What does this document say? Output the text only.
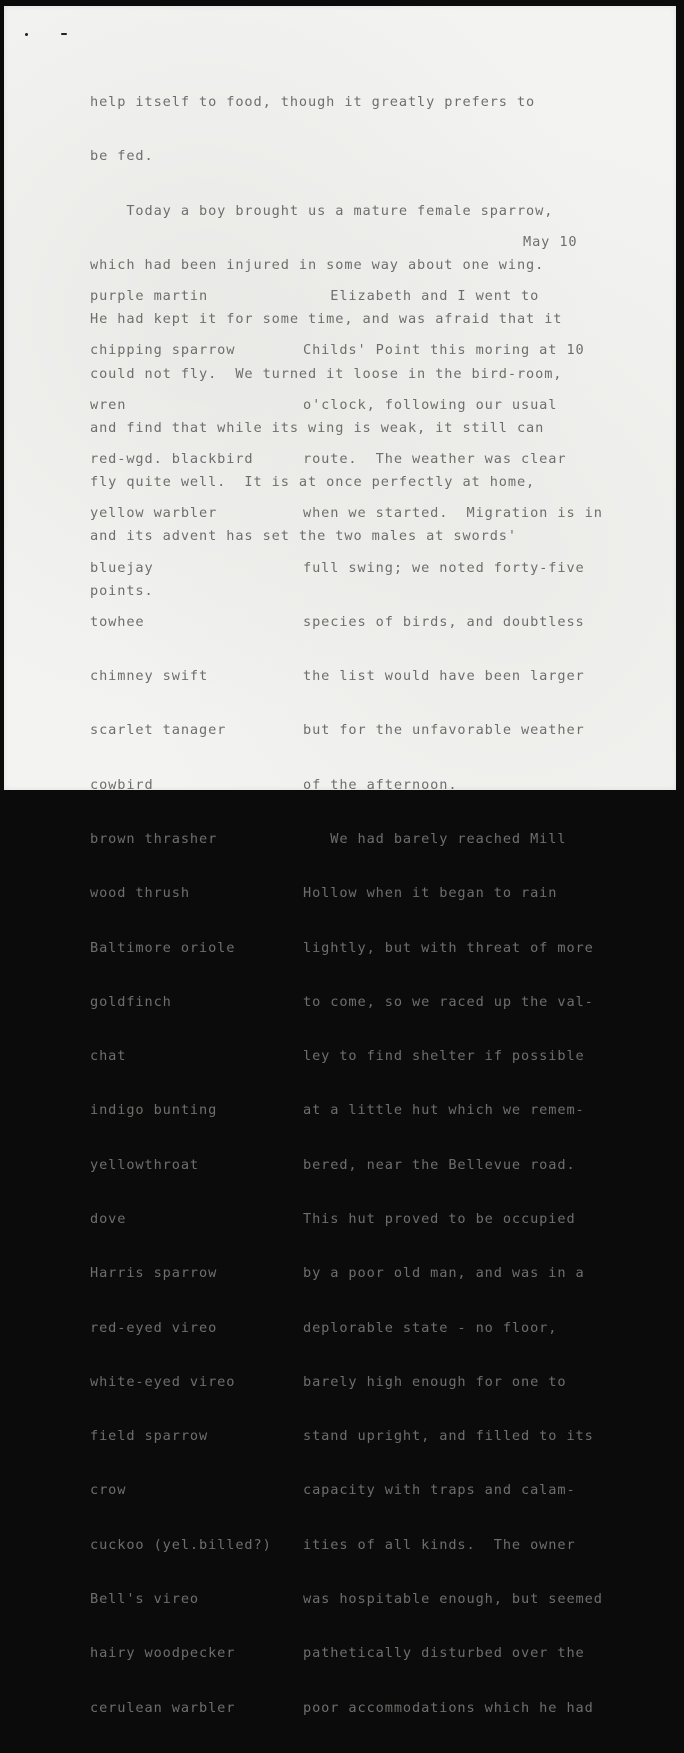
help itself to food, though it greatly prefers to

be fed.

Today a boy brought us a mature female sparrow,

which had been injured in some way about one wing.

He had kept it for some time, and was afraid that it

could not fly.  We turned it loose in the bird-room,

and find that while its wing is weak, it still can

fly quite well.  It is at once perfectly at home,

and its advent has set the two males at swords'

points.

May 10

purple martin

chipping sparrow

wren

red-wgd. blackbird

yellow warbler

bluejay

towhee

chimney swift

scarlet tanager

cowbird

brown thrasher

wood thrush

Baltimore oriole

goldfinch

chat

indigo bunting

yellowthroat

dove

Harris sparrow

red-eyed vireo

white-eyed vireo

field sparrow

crow

cuckoo (yel.billed?)

Bell's vireo

hairy woodpecker

cerulean warbler

Elizabeth and I went to

Childs' Point this moring at 10

o'clock, following our usual

route.  The weather was clear

when we started.  Migration is in

full swing; we noted forty-five

species of birds, and doubtless

the list would have been larger

but for the unfavorable weather

of the afternoon.

We had barely reached Mill

Hollow when it began to rain

lightly, but with threat of more

to come, so we raced up the val-

ley to find shelter if possible

at a little hut which we remem-

bered, near the Bellevue road.

This hut proved to be occupied

by a poor old man, and was in a

deplorable state - no floor,

barely high enough for one to

stand upright, and filled to its

capacity with traps and calam-

ities of all kinds.  The owner

was hospitable enough, but seemed

pathetically disturbed over the

poor accommodations which he had
